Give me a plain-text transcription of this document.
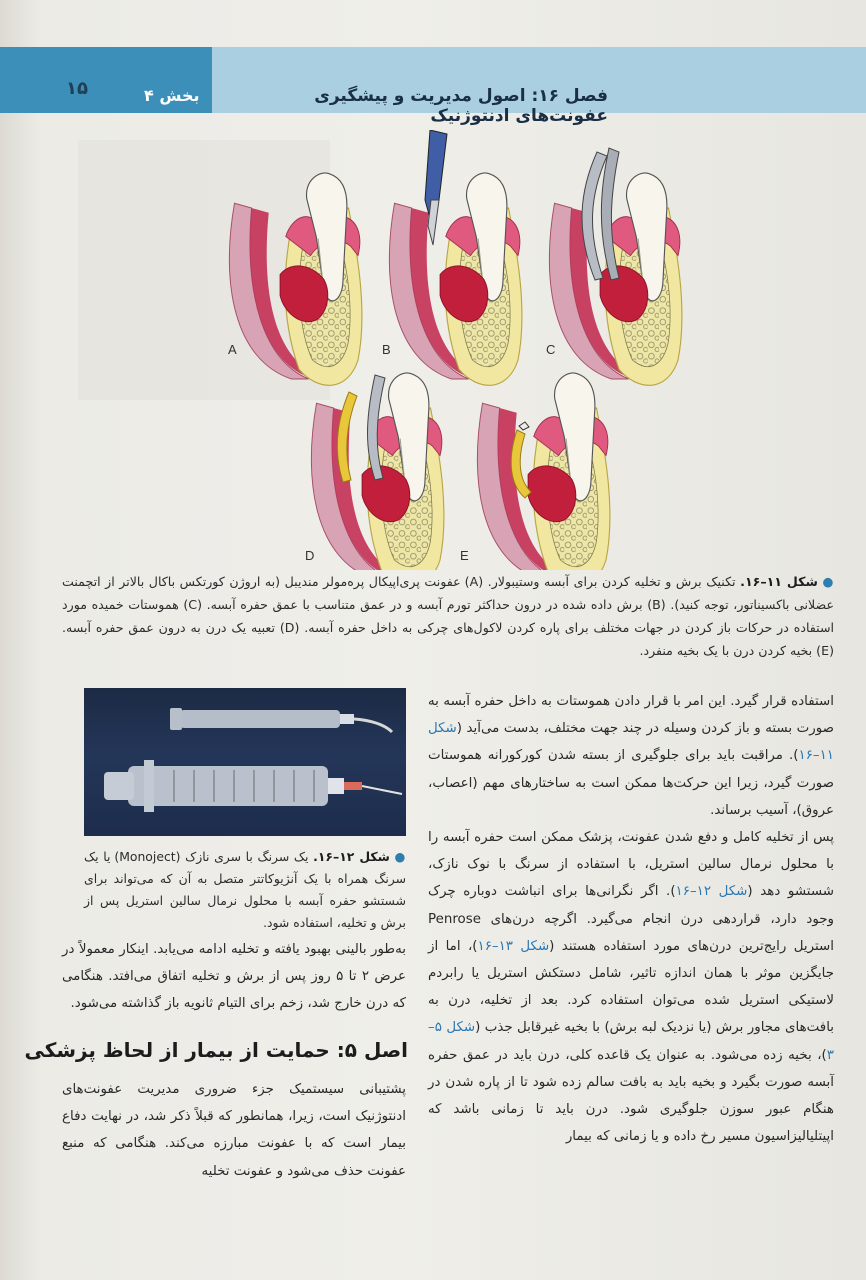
۱۵	بخش ۴	فصل ۱۶: اصول مدیریت و پیشگیری عفونت‌های ادنتوژنیک
A	B	C
D	E
● شکل ۱۱–۱۶. تکنیک برش و تخلیه کردن برای آبسه وستیبولار. (A) عفونت پری‌اپیکال پره‌مولر مندیبل (به اروژن کورتکس باکال بالاتر از اتچمنت عضلانی باکسیناتور، توجه کنید). (B) برش داده شده در درون حداکثر تورم آبسه و در عمق متناسب با عمق حفره آبسه. (C) هموستات خمیده مورد استفاده در حرکات باز کردن در جهات مختلف برای پاره کردن لاکول‌های چرکی به داخل حفره آبسه. (D) تعبیه یک درن به درون عمق حفره آبسه. (E) بخیه کردن درن با یک بخیه منفرد.
● شکل ۱۲–۱۶. یک سرنگ با سری نازک (Monoject) یا یک سرنگ همراه با یک آنژیوکاتتر متصل به آن که می‌تواند برای شستشو حفره آبسه با محلول نرمال سالین استریل پس از برش و تخلیه، استفاده شود.

استفاده قرار گیرد. این امر با قرار دادن هموستات به داخل حفره آبسه به صورت بسته و باز کردن وسیله در چند جهت مختلف، بدست می‌آید (شکل ۱۱–۱۶). مراقبت باید برای جلوگیری از بسته شدن کورکورانه هموستات صورت گیرد، زیرا این حرکت‌ها ممکن است به ساختارهای مهم (اعصاب، عروق)، آسیب برساند.

پس از تخلیه کامل و دفع شدن عفونت، پزشک ممکن است حفره آبسه را با محلول نرمال سالین استریل، با استفاده از سرنگ با نوک نازک، شستشو دهد (شکل ۱۲–۱۶). اگر نگرانی‌ها برای انباشت دوباره چرک وجود دارد، قراردهی درن انجام می‌گیرد. اگرچه درن‌های Penrose استریل رایج‌ترین درن‌های مورد استفاده هستند (شکل ۱۳–۱۶)، اما از جایگزین موثر با همان اندازه تاثیر، شامل دستکش استریل یا رابردم لاستیکی استریل شده می‌توان استفاده کرد. بعد از تخلیه، درن به بافت‌های مجاور برش (یا نزدیک لبه برش) با بخیه غیرقابل جذب (شکل ۵–۳)، بخیه زده می‌شود. به عنوان یک قاعده کلی، درن باید در عمق حفره آبسه صورت بگیرد و بخیه باید به بافت سالم زده شود تا از پاره شدن در هنگام عبور سوزن جلوگیری شود. درن باید تا زمانی باشد که اپیتلیالیزاسیون مسیر رخ داده و یا زمانی که بیمار

به‌طور بالینی بهبود یافته و تخلیه ادامه می‌یابد. اینکار معمولاً در عرض ۲ تا ۵ روز پس از برش و تخلیه اتفاق می‌افتد. هنگامی که درن خارج شد، زخم برای التیام ثانویه باز گذاشته می‌شود.

اصل ۵: حمایت از بیمار از لحاظ پزشکی

پشتیبانی سیستمیک جزء ضروری مدیریت عفونت‌های ادنتوژنیک است، زیرا، همانطور که قبلاً ذکر شد، در نهایت دفاع بیمار است که با عفونت مبارزه می‌کند. هنگامی که منبع عفونت حذف می‌شود و عفونت تخلیه
